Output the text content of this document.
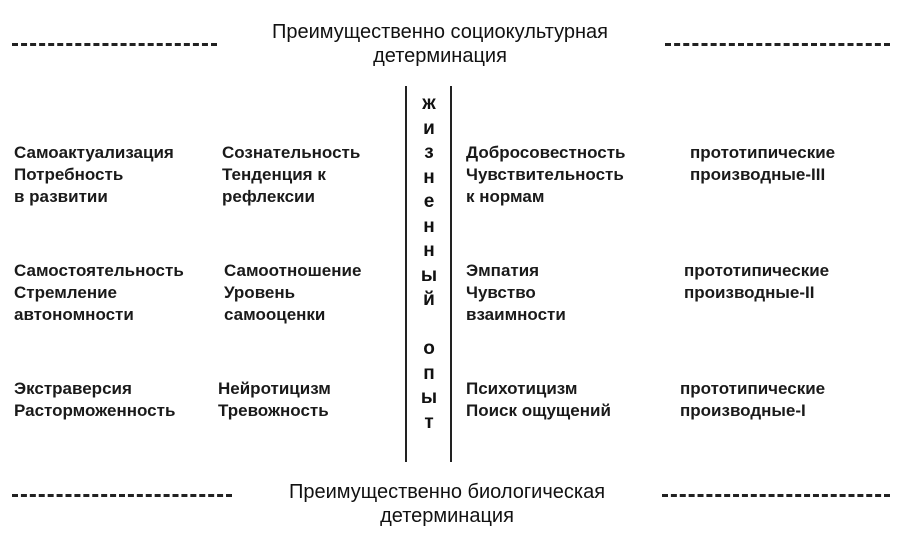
Преимущественно социокультурная
детерминация
ж
и
з
н
е
н
н
ы
й
о
п
ы
т
Самоактуализация
Потребность
в развитии
Сознательность
Тенденция к
рефлексии
Добросовестность
Чувствительность
к нормам
прототипические
производные-III
Самостоятельность
Стремление
автономности
Самоотношение
Уровень
самооценки
Эмпатия
Чувство
взаимности
прототипические
производные-II
Экстраверсия
Расторможенность
Нейротицизм
Тревожность
Психотицизм
Поиск ощущений
прототипические
производные-I
Преимущественно биологическая
детерминация
